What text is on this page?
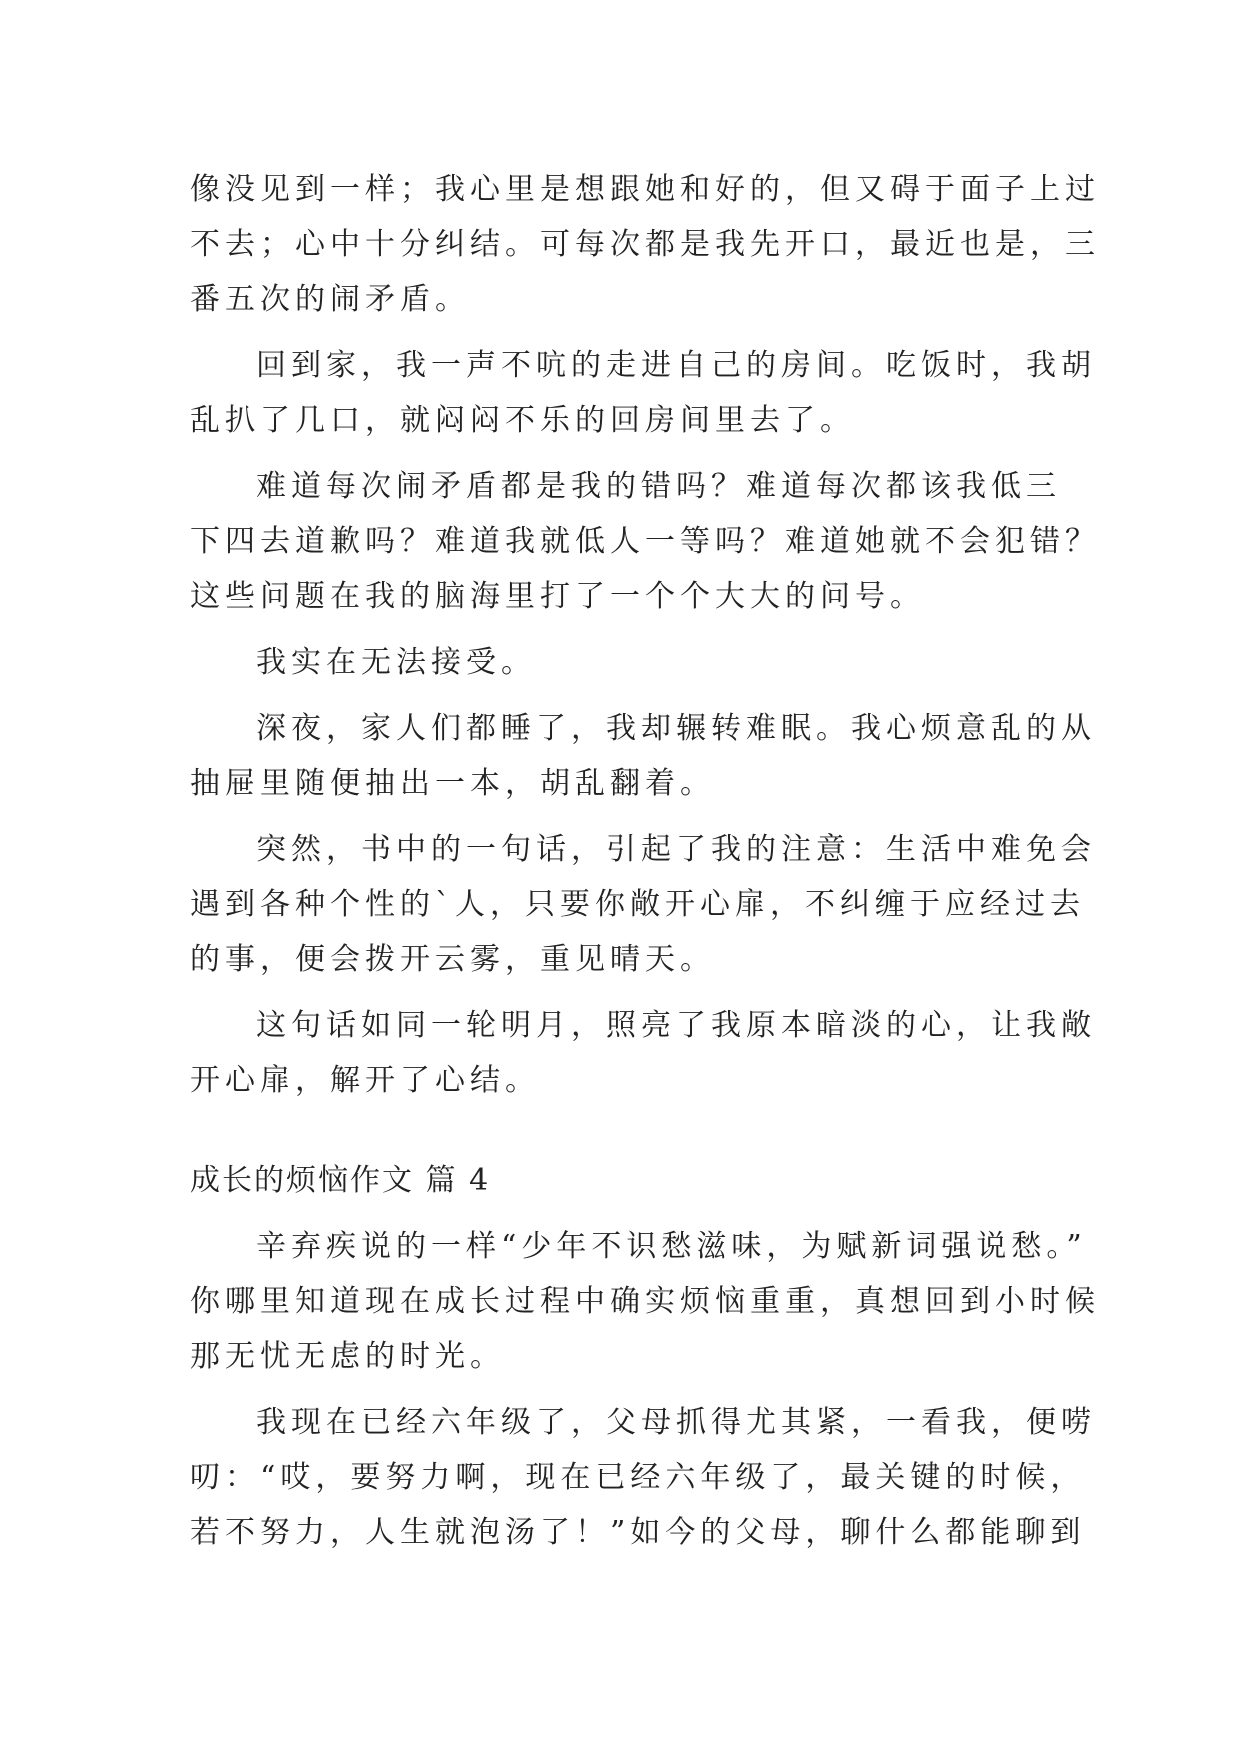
像没见到一样；我心里是想跟她和好的，但又碍于面子上过
不去；心中十分纠结。可每次都是我先开口，最近也是，三
番五次的闹矛盾。
回到家，我一声不吭的走进自己的房间。吃饭时，我胡
乱扒了几口，就闷闷不乐的回房间里去了。
难道每次闹矛盾都是我的错吗？难道每次都该我低三
下四去道歉吗？难道我就低人一等吗？难道她就不会犯错？
这些问题在我的脑海里打了一个个大大的问号。
我实在无法接受。
深夜，家人们都睡了，我却辗转难眠。我心烦意乱的从
抽屉里随便抽出一本，胡乱翻着。
突然，书中的一句话，引起了我的注意：生活中难免会
遇到各种个性的`人，只要你敞开心扉，不纠缠于应经过去
的事，便会拨开云雾，重见晴天。
这句话如同一轮明月，照亮了我原本暗淡的心，让我敞
开心扉，解开了心结。
成长的烦恼作文 篇 4
辛弃疾说的一样“少年不识愁滋味，为赋新词强说愁。”
你哪里知道现在成长过程中确实烦恼重重，真想回到小时候
那无忧无虑的时光。
我现在已经六年级了，父母抓得尤其紧，一看我，便唠
叨：“哎，要努力啊，现在已经六年级了，最关键的时候，
若不努力，人生就泡汤了！”如今的父母，聊什么都能聊到
